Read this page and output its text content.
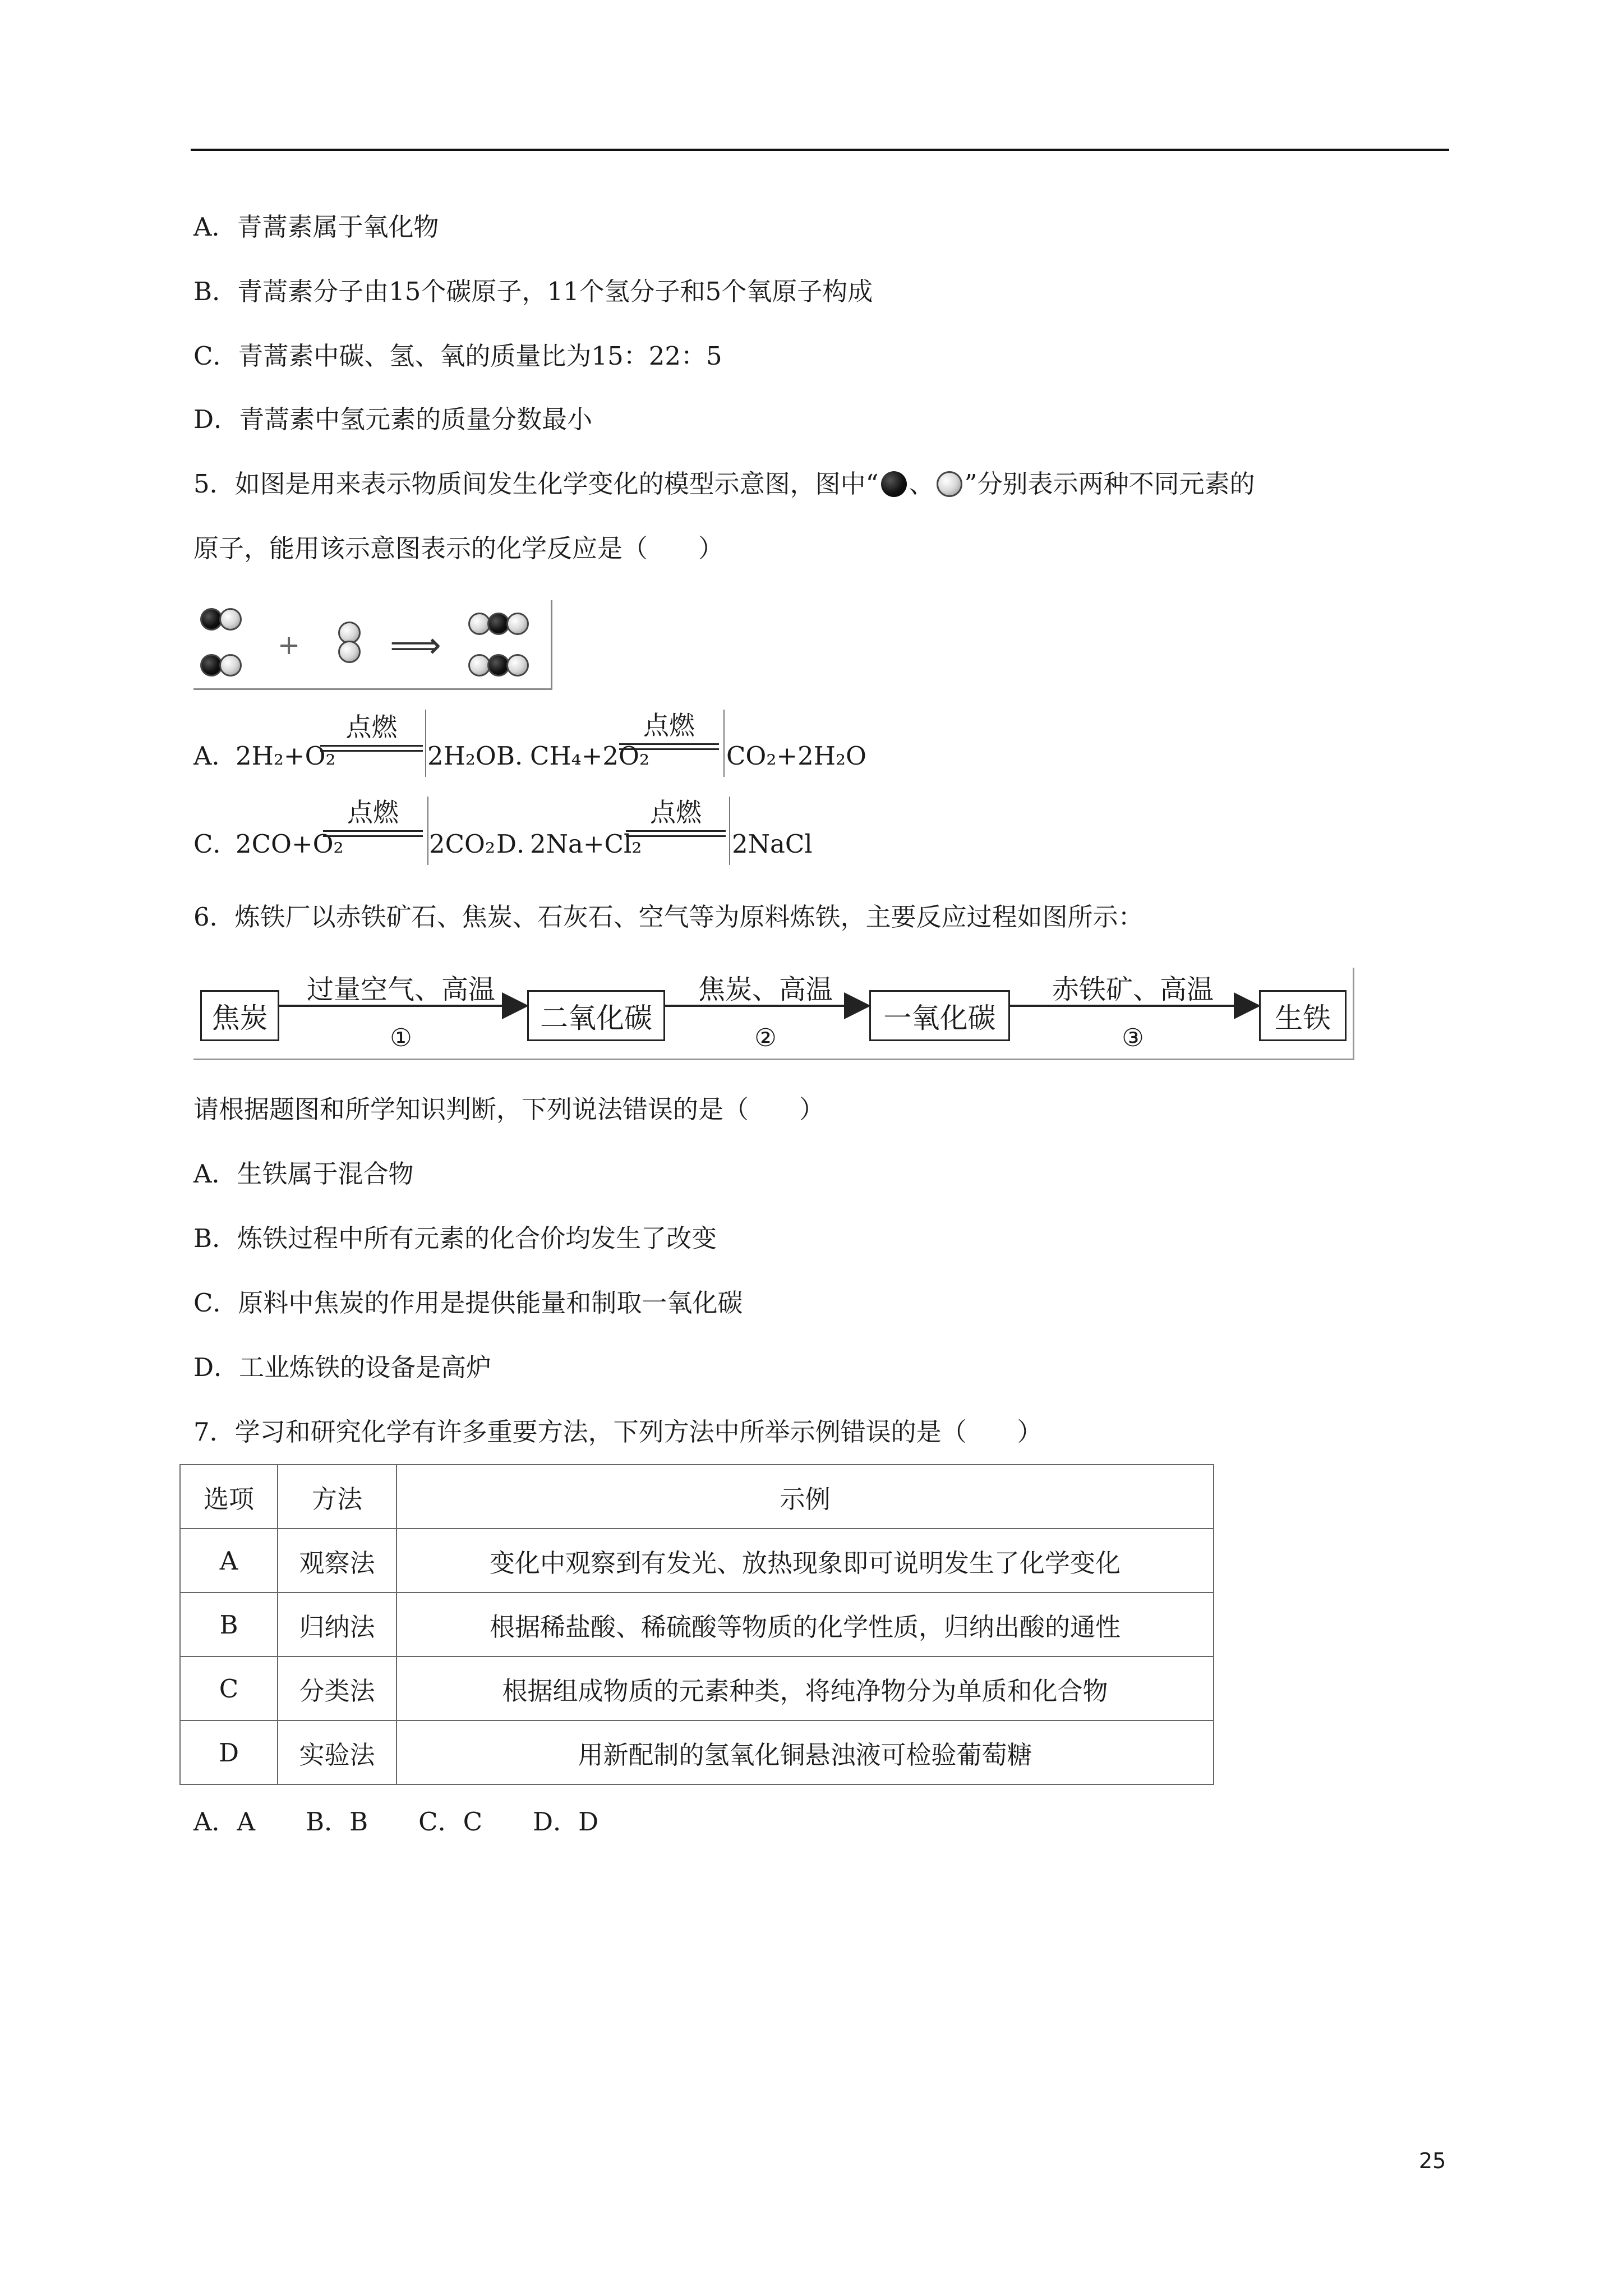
A．青蒿素属于氧化物
B．青蒿素分子由15个碳原子，11个氢分子和5个氧原子构成
C．青蒿素中碳、氢、氧的质量比为15：22：5
D．青蒿素中氢元素的质量分数最小
5．如图是用来表示物质间发生化学变化的模型示意图，图中“ 、 ”分别表示两种不同元素的
原子，能用该示意图表示的化学反应是（　　）
+ ⟹
A．
2H₂+O₂
点燃
2H₂O B．
CH₄+2O₂
点燃
CO₂+2H₂O
C．
2CO+O₂
点燃
2CO₂ D．
2Na+Cl₂
点燃
2NaCl
6．炼铁厂以赤铁矿石、焦炭、石灰石、空气等为原料炼铁，主要反应过程如图所示：
焦炭	二氧化碳	一氧化碳	生铁
过量空气、高温	焦炭、高温	赤铁矿、高温
①	②	③
请根据题图和所学知识判断，下列说法错误的是（　　）
A．生铁属于混合物
B．炼铁过程中所有元素的化合价均发生了改变
C．原料中焦炭的作用是提供能量和制取一氧化碳
D．工业炼铁的设备是高炉
7．学习和研究化学有许多重要方法，下列方法中所举示例错误的是（　　）
选项	方法	示例
A	观察法	变化中观察到有发光、放热现象即可说明发生了化学变化
B	归纳法	根据稀盐酸、稀硫酸等物质的化学性质，归纳出酸的通性
C	分类法	根据组成物质的元素种类，将纯净物分为单质和化合物
D	实验法	用新配制的氢氧化铜悬浊液可检验葡萄糖
A．A　　B．B　　C．C　　D．D
25
